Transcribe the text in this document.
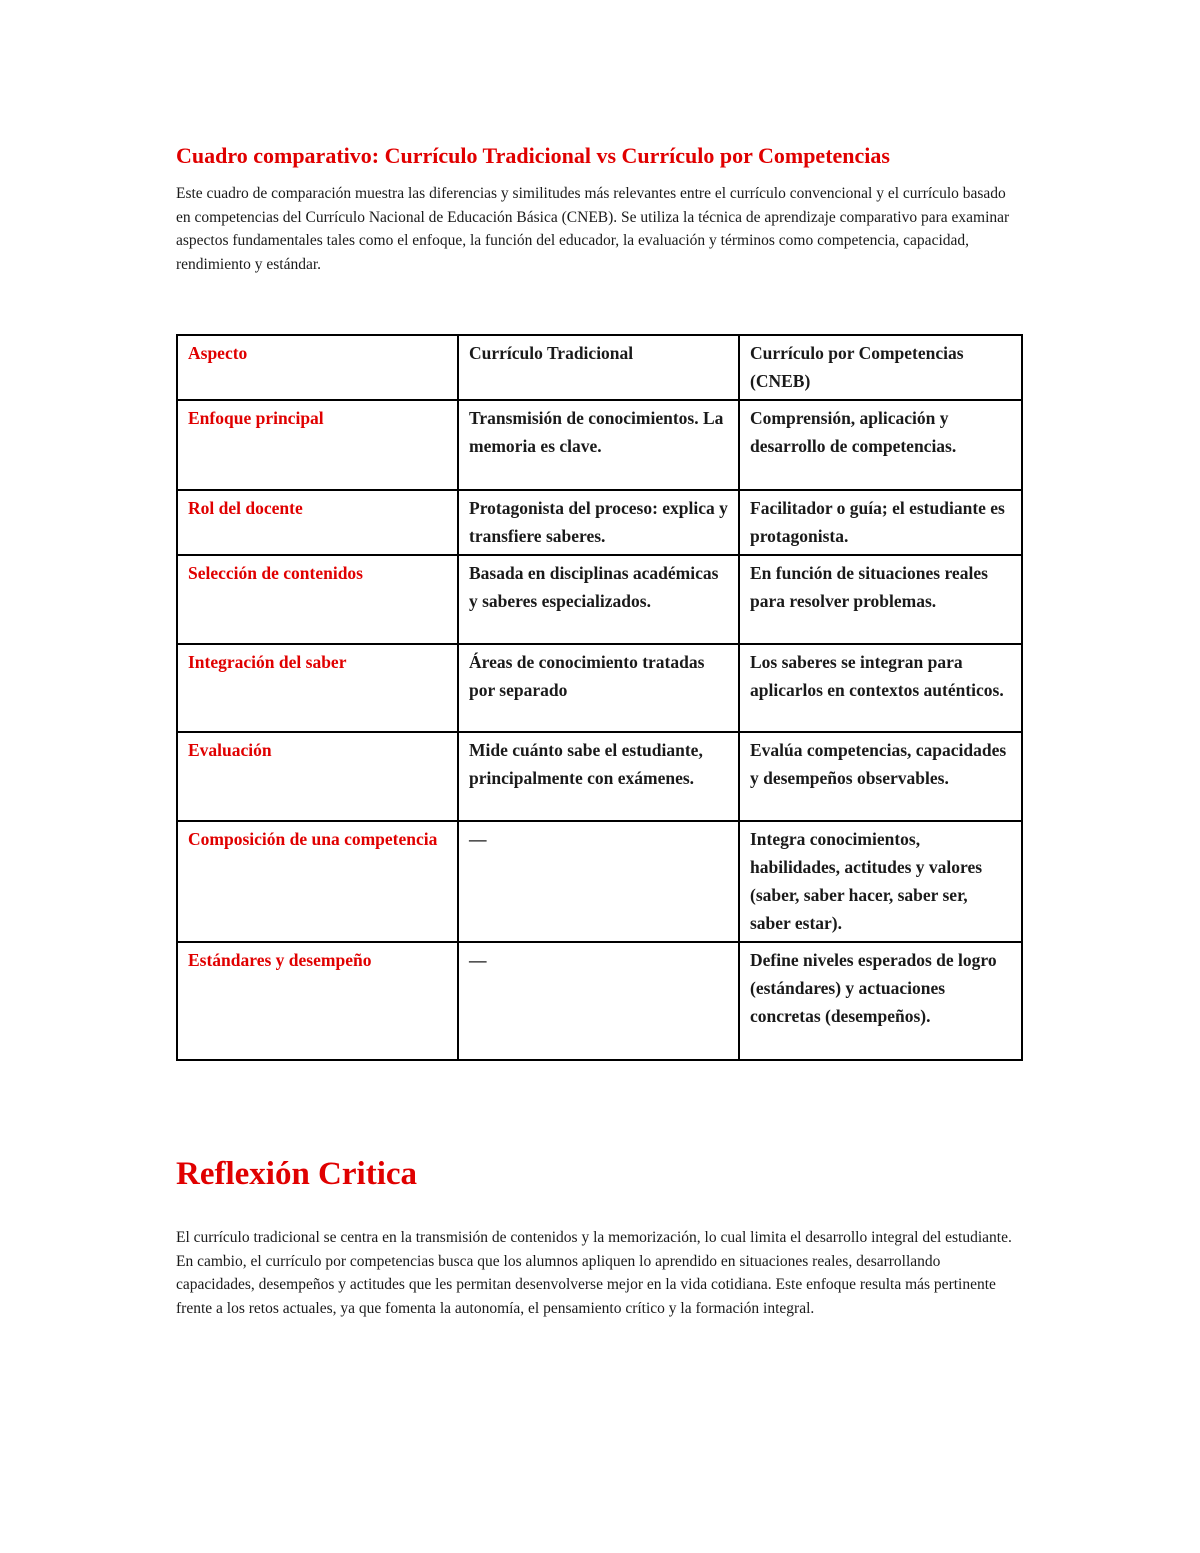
Cuadro comparativo: Currículo Tradicional vs Currículo por Competencias

Este cuadro de comparación muestra las diferencias y similitudes más relevantes entre el currículo convencional y el currículo basado en competencias del Currículo Nacional de Educación Básica (CNEB). Se utiliza la técnica de aprendizaje comparativo para examinar aspectos fundamentales tales como el enfoque, la función del educador, la evaluación y términos como competencia, capacidad, rendimiento y estándar.

Aspecto	Currículo Tradicional	Currículo por Competencias (CNEB)
Enfoque principal	Transmisión de conocimientos. La memoria es clave.	Comprensión, aplicación y desarrollo de competencias.
Rol del docente	Protagonista del proceso: explica y transfiere saberes.	Facilitador o guía; el estudiante es protagonista.
Selección de contenidos	Basada en disciplinas académicas y saberes especializados.	En función de situaciones reales para resolver problemas.
Integración del saber	Áreas de conocimiento tratadas por separado	Los saberes se integran para aplicarlos en contextos auténticos.
Evaluación	Mide cuánto sabe el estudiante, principalmente con exámenes.	Evalúa competencias, capacidades y desempeños observables.
Composición de una competencia	—	Integra conocimientos, habilidades, actitudes y valores (saber, saber hacer, saber ser, saber estar).
Estándares y desempeño	—	Define niveles esperados de logro (estándares) y actuaciones concretas (desempeños).
Reflexión Critica

El currículo tradicional se centra en la transmisión de contenidos y la memorización, lo cual limita el desarrollo integral del estudiante. En cambio, el currículo por competencias busca que los alumnos apliquen lo aprendido en situaciones reales, desarrollando capacidades, desempeños y actitudes que les permitan desenvolverse mejor en la vida cotidiana. Este enfoque resulta más pertinente frente a los retos actuales, ya que fomenta la autonomía, el pensamiento crítico y la formación integral.
